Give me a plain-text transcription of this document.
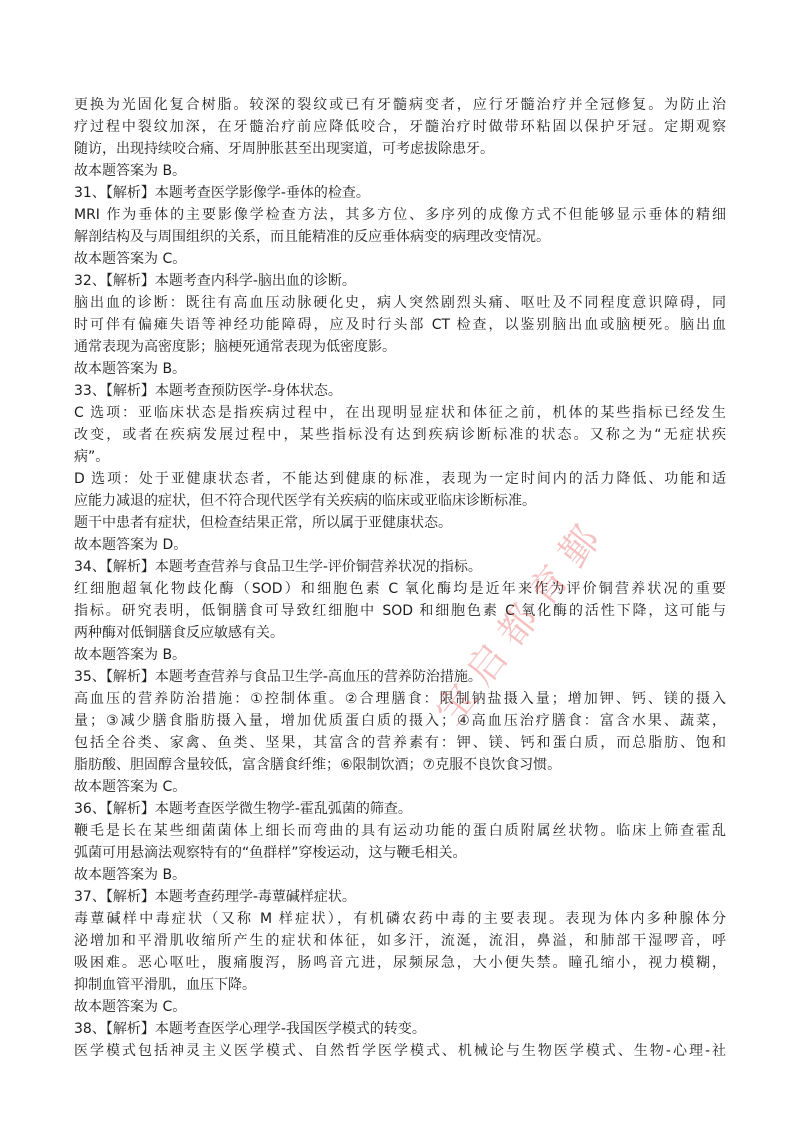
更换为光固化复合树脂。较深的裂纹或已有牙髓病变者，应行牙髓治疗并全冠修复。为防止治
疗过程中裂纹加深，在牙髓治疗前应降低咬合，牙髓治疗时做带环粘固以保护牙冠。定期观察
随访，出现持续咬合痛、牙周肿胀甚至出现窦道，可考虑拔除患牙。
故本题答案为 B。
31、【解析】本题考查医学影像学-垂体的检查。
MRI 作为垂体的主要影像学检查方法，其多方位、多序列的成像方式不但能够显示垂体的精细
解剖结构及与周围组织的关系，而且能精准的反应垂体病变的病理改变情况。
故本题答案为 C。
32、【解析】本题考查内科学-脑出血的诊断。
脑出血的诊断：既往有高血压动脉硬化史，病人突然剧烈头痛、呕吐及不同程度意识障碍，同
时可伴有偏瘫失语等神经功能障碍，应及时行头部 CT 检查，以鉴别脑出血或脑梗死。脑出血
通常表现为高密度影；脑梗死通常表现为低密度影。
故本题答案为 B。
33、【解析】本题考查预防医学-身体状态。
C 选项：亚临床状态是指疾病过程中，在出现明显症状和体征之前，机体的某些指标已经发生
改变，或者在疾病发展过程中，某些指标没有达到疾病诊断标准的状态。又称之为“无症状疾
病”。
D 选项：处于亚健康状态者，不能达到健康的标准，表现为一定时间内的活力降低、功能和适
应能力减退的症状，但不符合现代医学有关疾病的临床或亚临床诊断标准。
题干中患者有症状，但检查结果正常，所以属于亚健康状态。
故本题答案为 D。
34、【解析】本题考查营养与食品卫生学-评价铜营养状况的指标。
红细胞超氧化物歧化酶（SOD）和细胞色素 C 氧化酶均是近年来作为评价铜营养状况的重要
指标。研究表明，低铜膳食可导致红细胞中 SOD 和细胞色素 C 氧化酶的活性下降，这可能与
两种酶对低铜膳食反应敏感有关。
故本题答案为 B。
35、【解析】本题考查营养与食品卫生学-高血压的营养防治措施。
高血压的营养防治措施：①控制体重。②合理膳食：限制钠盐摄入量；增加钾、钙、镁的摄入
量；③减少膳食脂肪摄入量，增加优质蛋白质的摄入；④高血压治疗膳食：富含水果、蔬菜，
包括全谷类、家禽、鱼类、坚果，其富含的营养素有：钾、镁、钙和蛋白质，而总脂肪、饱和
脂肪酸、胆固醇含量较低，富含膳食纤维；⑥限制饮酒；⑦克服不良饮食习惯。
故本题答案为 C。
36、【解析】本题考查医学微生物学-霍乱弧菌的筛查。
鞭毛是长在某些细菌菌体上细长而弯曲的具有运动功能的蛋白质附属丝状物。临床上筛查霍乱
弧菌可用悬滴法观察特有的“鱼群样”穿梭运动，这与鞭毛相关。
故本题答案为 B。
37、【解析】本题考查药理学-毒蕈碱样症状。
毒蕈碱样中毒症状（又称 M 样症状），有机磷农药中毒的主要表现。表现为体内多种腺体分
泌增加和平滑肌收缩所产生的症状和体征，如多汗，流涎，流泪，鼻溢，和肺部干湿啰音，呼
吸困难。恶心呕吐，腹痛腹泻，肠鸣音亢进，尿频尿急，大小便失禁。瞳孔缩小，视力模糊，
抑制血管平滑肌，血压下降。
故本题答案为 C。
38、【解析】本题考查医学心理学-我国医学模式的转变。
医学模式包括神灵主义医学模式、自然哲学医学模式、机械论与生物医学模式、生物-心理-社
宝启都育鄞
